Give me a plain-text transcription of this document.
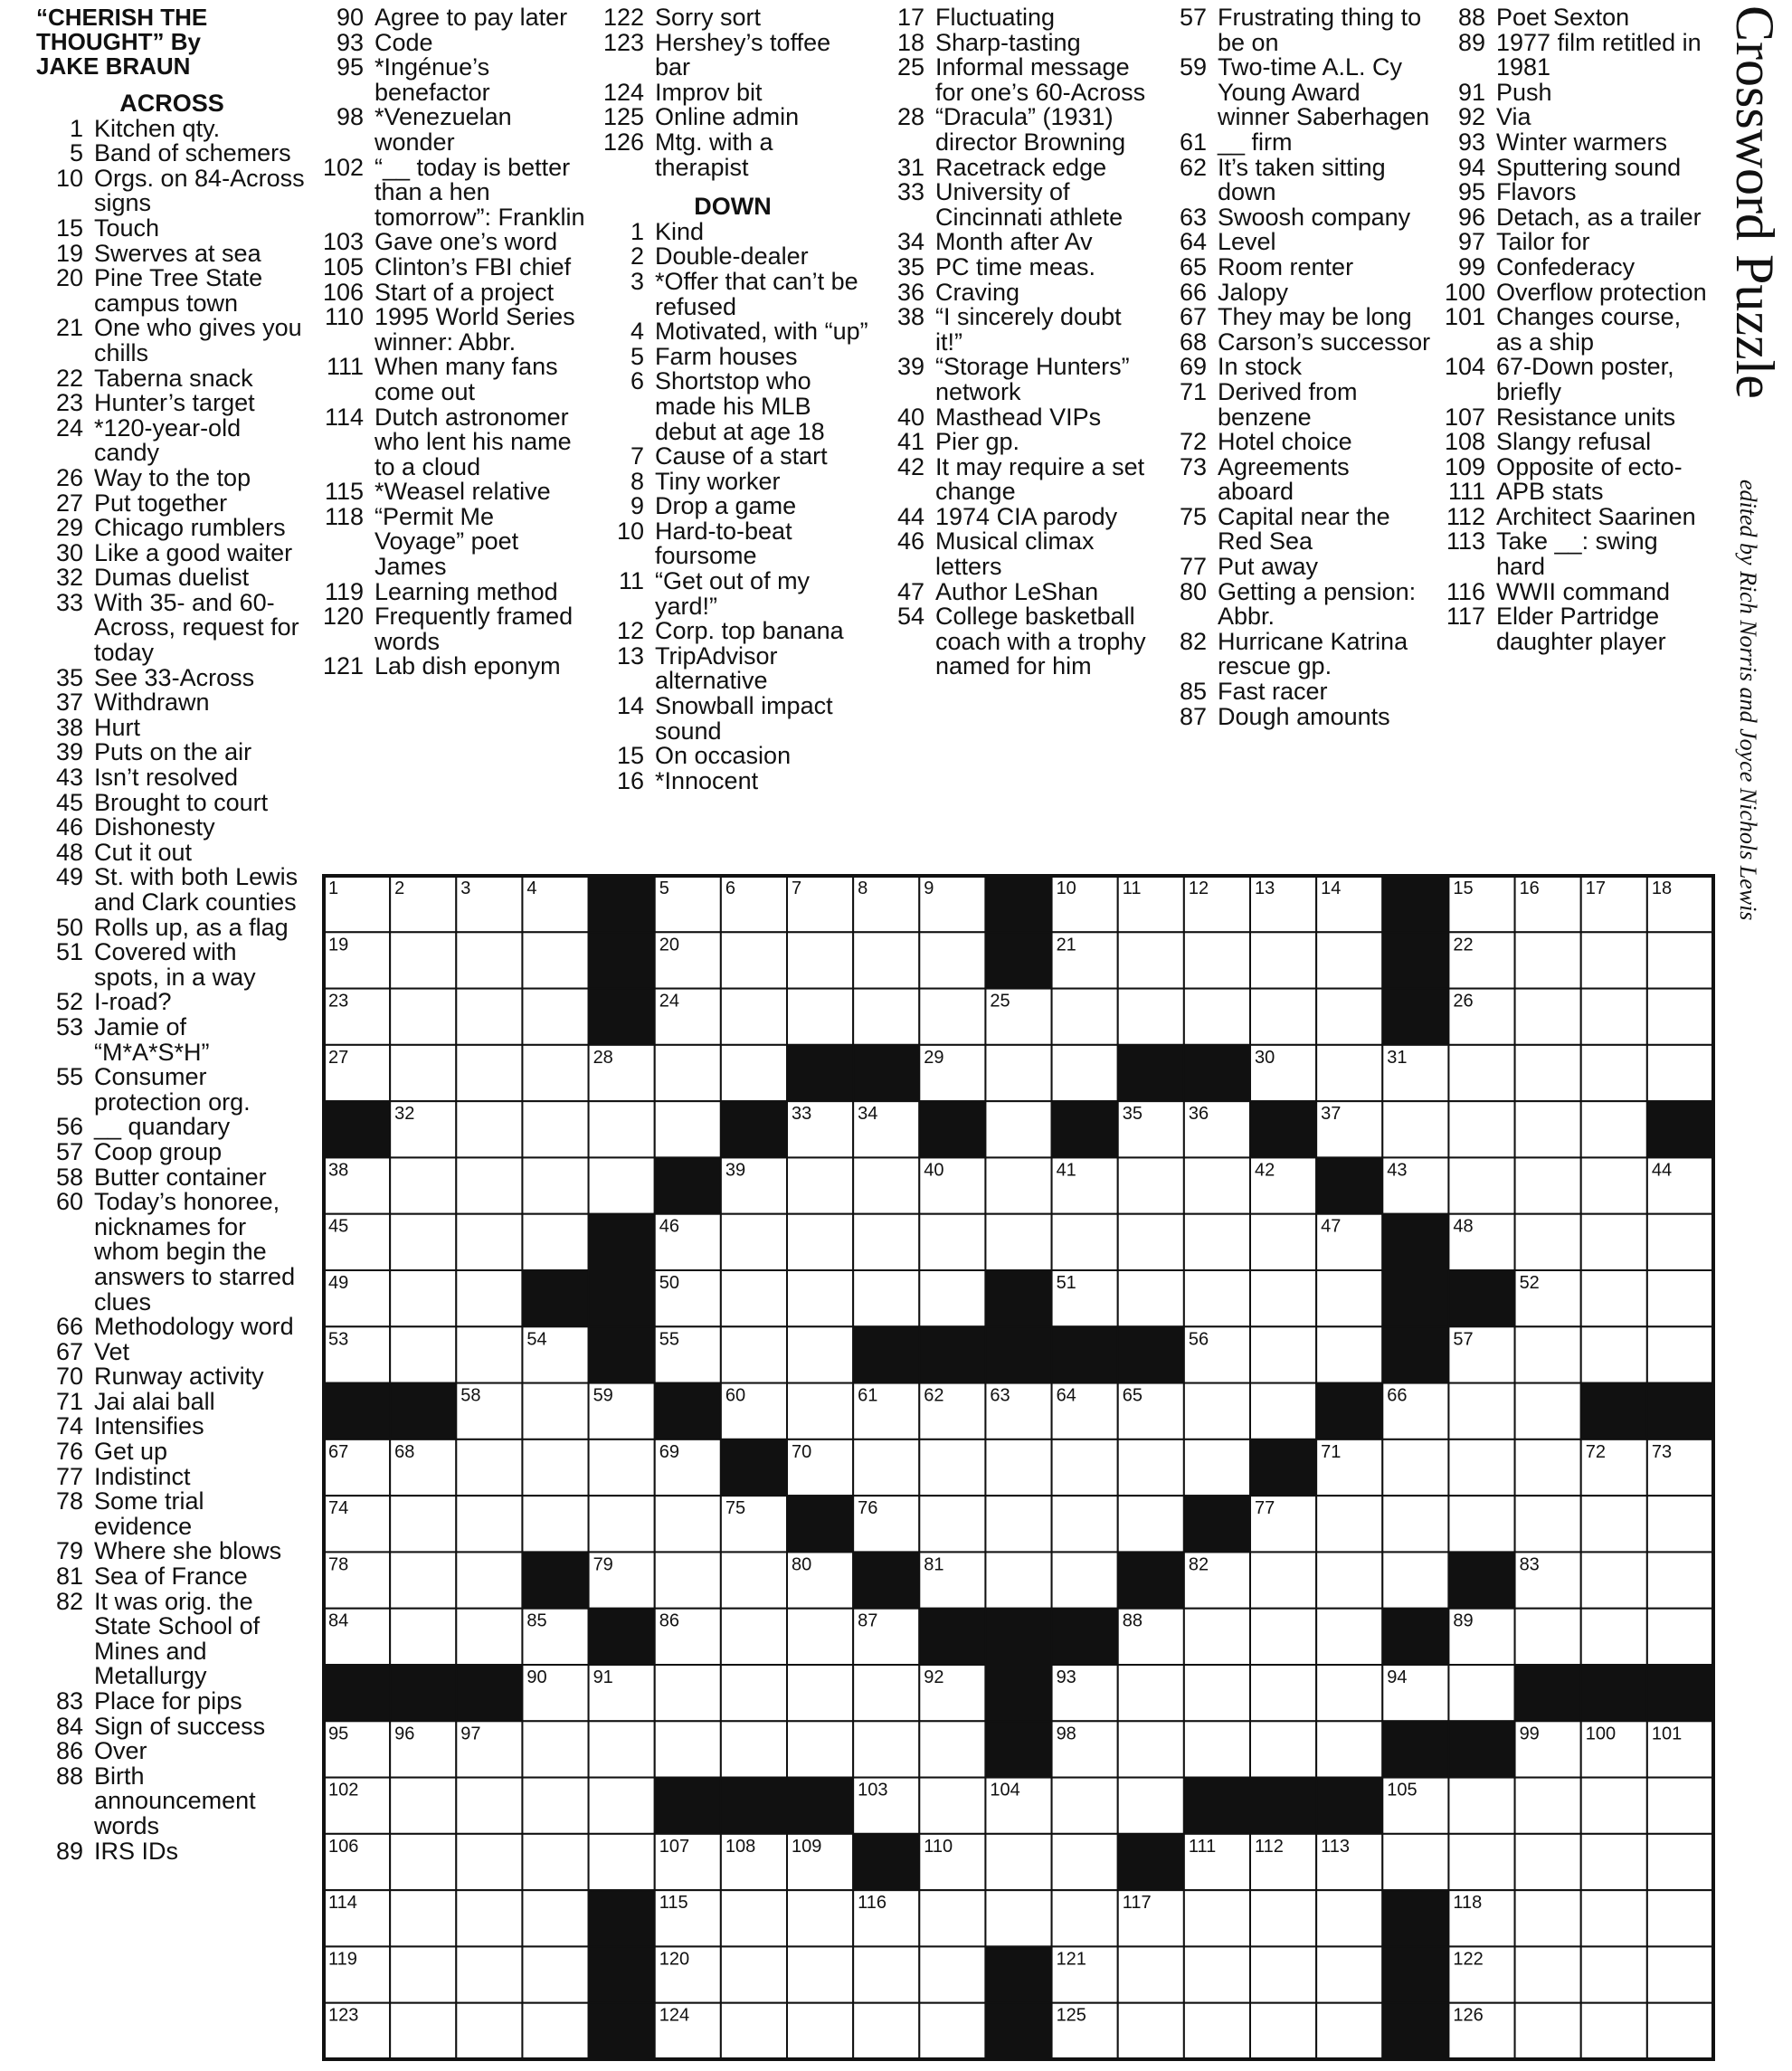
“CHERISH THE
THOUGHT” By
JAKE BRAUN
ACROSS
1 Kitchen qty.
5 Band of schemers
10 Orgs. on 84-Across signs
15 Touch
19 Swerves at sea
20 Pine Tree State campus town
21 One who gives you chills
22 Taberna snack
23 Hunter’s target
24 *120-year-old candy
26 Way to the top
27 Put together
29 Chicago rumblers
30 Like a good waiter
32 Dumas duelist
33 With 35- and 60-Across, request for today
35 See 33-Across
37 Withdrawn
38 Hurt
39 Puts on the air
43 Isn’t resolved
45 Brought to court
46 Dishonesty
48 Cut it out
49 St. with both Lewis and Clark counties
50 Rolls up, as a flag
51 Covered with spots, in a way
52 I-road?
53 Jamie of “M*A*S*H”
55 Consumer protection org.
56 __ quandary
57 Coop group
58 Butter container
60 Today’s honoree, nicknames for whom begin the answers to starred clues
66 Methodology word
67 Vet
70 Runway activity
71 Jai alai ball
74 Intensifies
76 Get up
77 Indistinct
78 Some trial evidence
79 Where she blows
81 Sea of France
82 It was orig. the State School of Mines and Metallurgy
83 Place for pips
84 Sign of success
86 Over
88 Birth announcement words
89 IRS IDs
90 Agree to pay later
93 Code
95 *Ingénue’s benefactor
98 *Venezuelan wonder
102 “__ today is better than a hen tomorrow”: Franklin
103 Gave one’s word
105 Clinton’s FBI chief
106 Start of a project
110 1995 World Series winner: Abbr.
111 When many fans come out
114 Dutch astronomer who lent his name to a cloud
115 *Weasel relative
118 “Permit Me Voyage” poet James
119 Learning method
120 Frequently framed words
121 Lab dish eponym
122 Sorry sort
123 Hershey’s toffee bar
124 Improv bit
125 Online admin
126 Mtg. with a therapist
DOWN
1 Kind
2 Double-dealer
3 *Offer that can’t be refused
4 Motivated, with “up”
5 Farm houses
6 Shortstop who made his MLB debut at age 18
7 Cause of a start
8 Tiny worker
9 Drop a game
10 Hard-to-beat foursome
11 “Get out of my yard!”
12 Corp. top banana
13 TripAdvisor alternative
14 Snowball impact sound
15 On occasion
16 *Innocent
17 Fluctuating
18 Sharp-tasting
25 Informal message for one’s 60-Across
28 “Dracula” (1931) director Browning
31 Racetrack edge
33 University of Cincinnati athlete
34 Month after Av
35 PC time meas.
36 Craving
38 “I sincerely doubt it!”
39 “Storage Hunters” network
40 Masthead VIPs
41 Pier gp.
42 It may require a set change
44 1974 CIA parody
46 Musical climax letters
47 Author LeShan
54 College basketball coach with a trophy named for him
57 Frustrating thing to be on
59 Two-time A.L. Cy Young Award winner Saberhagen
61 __ firm
62 It’s taken sitting down
63 Swoosh company
64 Level
65 Room renter
66 Jalopy
67 They may be long
68 Carson’s successor
69 In stock
71 Derived from benzene
72 Hotel choice
73 Agreements aboard
75 Capital near the Red Sea
77 Put away
80 Getting a pension: Abbr.
82 Hurricane Katrina rescue gp.
85 Fast racer
87 Dough amounts
88 Poet Sexton
89 1977 film retitled in 1981
91 Push
92 Via
93 Winter warmers
94 Sputtering sound
95 Flavors
96 Detach, as a trailer
97 Tailor for
99 Confederacy
100 Overflow protection
101 Changes course, as a ship
104 67-Down poster, briefly
107 Resistance units
108 Slangy refusal
109 Opposite of ecto-
111 APB stats
112 Architect Saarinen
113 Take __: swing hard
116 WWII command
117 Elder Partridge daughter player
Crossword Puzzle
edited by Rich Norris and Joyce Nichols Lewis
1	2	3	4	5	6	7	8	9	10	11	12	13	14	15	16	17	18
19	20	21	22
23	24	25	26
27	28	29	30	31
32	33	34	35	36	37
38	39	40	41	42	43	44
45	46	47	48
49	50	51	52
53	54	55	56	57
58	59	60	61	62	63	64	65	66
67	68	69	70	71	72	73
74	75	76	77
78	79	80	81	82	83
84	85	86	87	88	89
90	91	92	93	94
95	96	97	98	99	100 101
102	103	104	105
106	107 108 109	110	111 112 113
114	115	116	117	118
119	120	121	122
123	124	125	126
